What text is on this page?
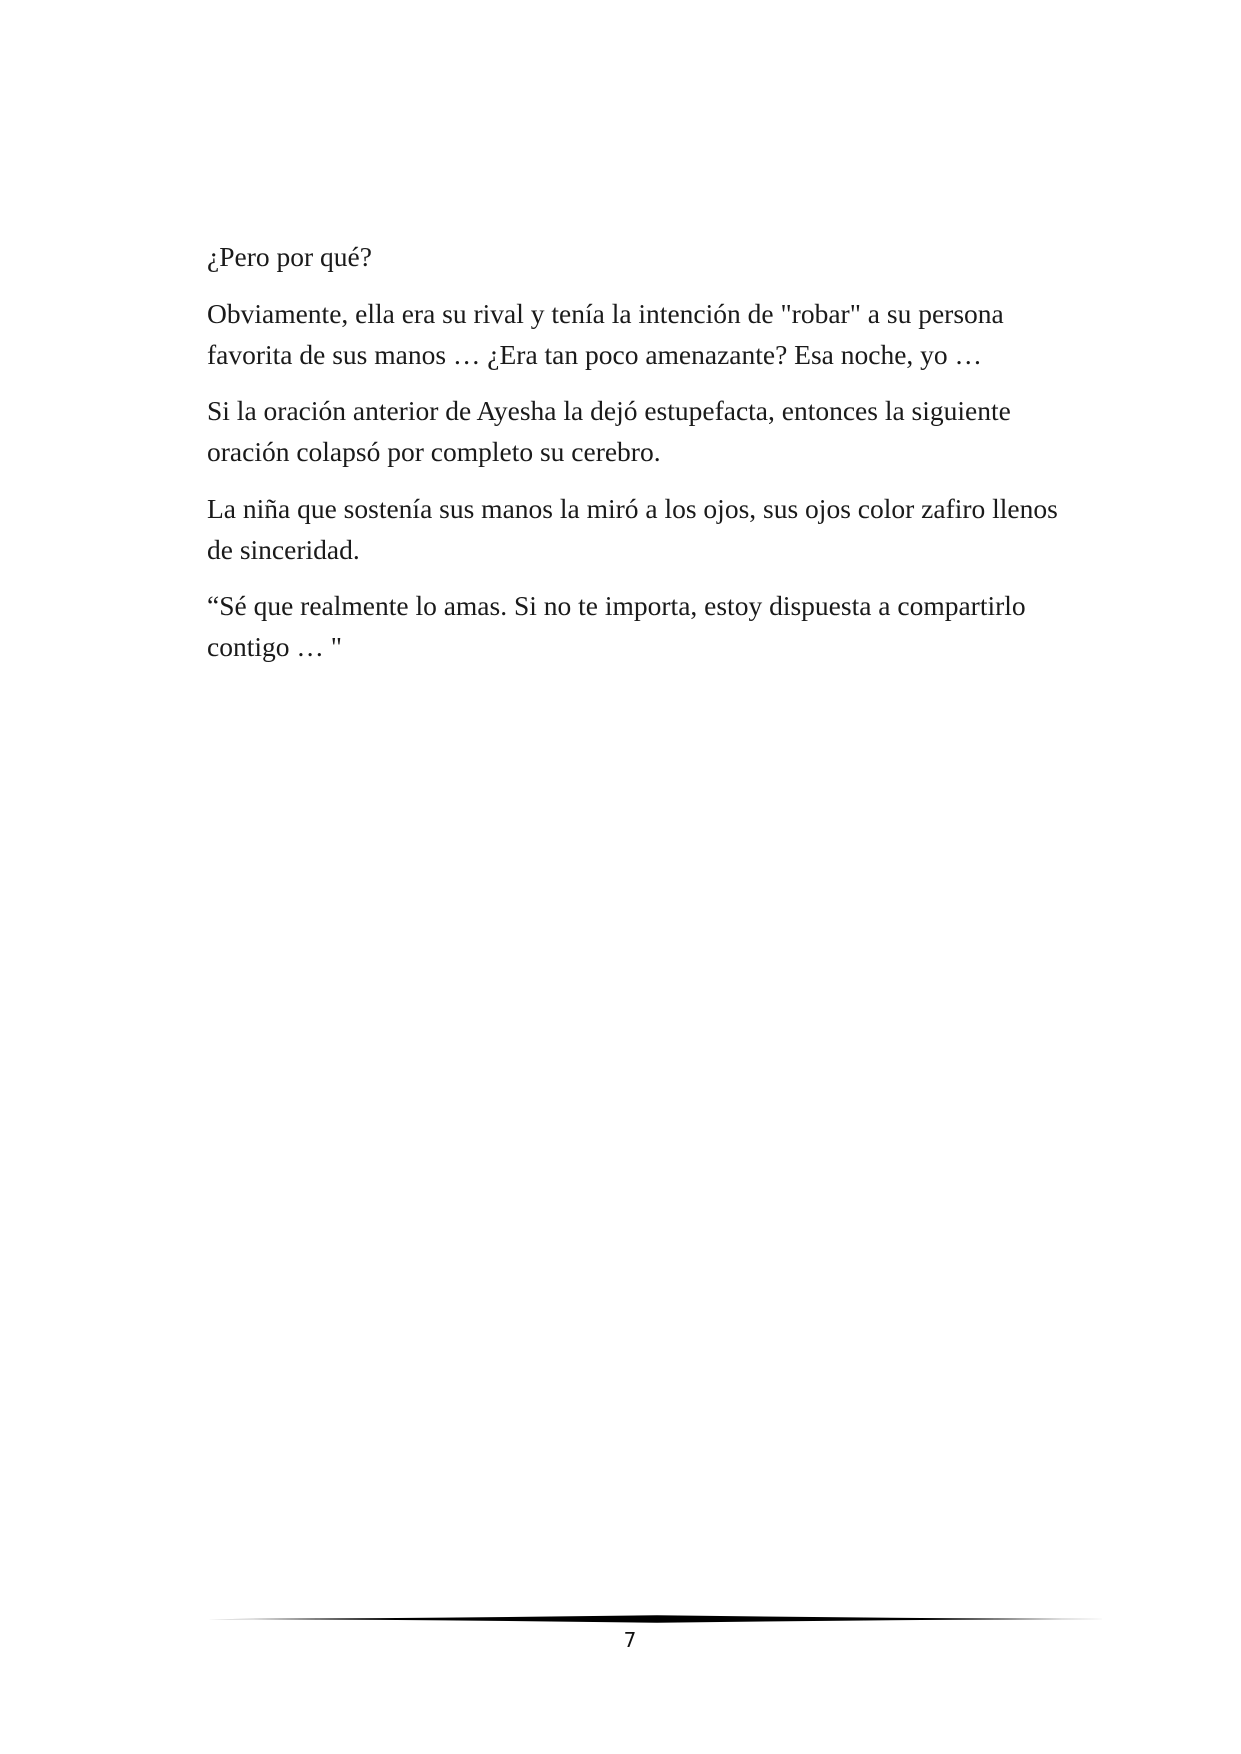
¿Pero por qué?

Obviamente, ella era su rival y tenía la intención de "robar" a su persona favorita de sus manos … ¿Era tan poco amenazante? Esa noche, yo …

Si la oración anterior de Ayesha la dejó estupefacta, entonces la siguiente oración colapsó por completo su cerebro.

La niña que sostenía sus manos la miró a los ojos, sus ojos color zafiro llenos de sinceridad.

“Sé que realmente lo amas. Si no te importa, estoy dispuesta a compartirlo contigo … "

7
